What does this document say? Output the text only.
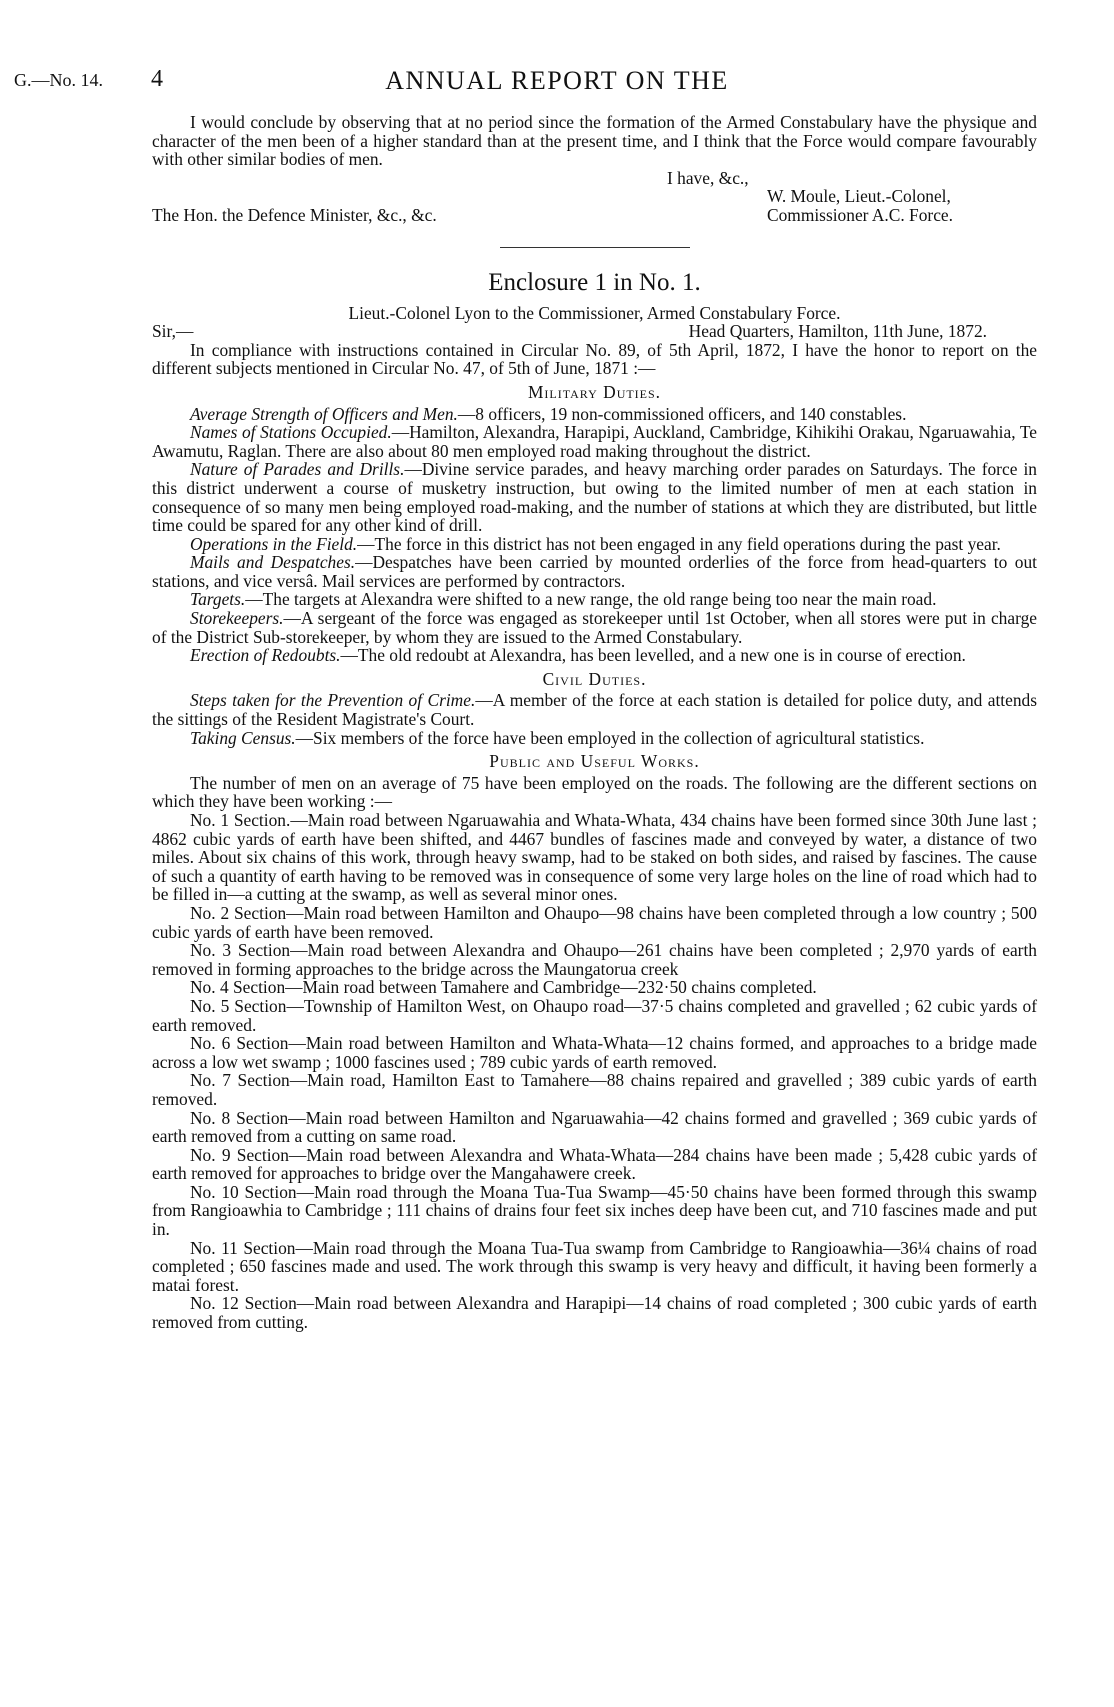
G.—No. 14. 4	ANNUAL REPORT ON THE

I would conclude by observing that at no period since the formation of the Armed Constabulary have the physique and character of the men been of a higher standard than at the present time, and I think that the Force would compare favourably with other similar bodies of men.

I have, &c.,
The Hon. the Defence Minister, &c., &c.
W. Moule, Lieut.-Colonel,
Commissioner A.C. Force.
Enclosure 1 in No. 1.
Lieut.-Colonel Lyon to the Commissioner, Armed Constabulary Force.
Sir,—	Head Quarters, Hamilton, 11th June, 1872.

In compliance with instructions contained in Circular No. 89, of 5th April, 1872, I have the honor to report on the different subjects mentioned in Circular No. 47, of 5th of June, 1871 :—

Military Duties.

Average Strength of Officers and Men.—8 officers, 19 non-commissioned officers, and 140 constables.

Names of Stations Occupied.—Hamilton, Alexandra, Harapipi, Auckland, Cambridge, Kihikihi Orakau, Ngaruawahia, Te Awamutu, Raglan. There are also about 80 men employed road making throughout the district.

Nature of Parades and Drills.—Divine service parades, and heavy marching order parades on Saturdays. The force in this district underwent a course of musketry instruction, but owing to the limited number of men at each station in consequence of so many men being employed road-making, and the number of stations at which they are distributed, but little time could be spared for any other kind of drill.

Operations in the Field.—The force in this district has not been engaged in any field operations during the past year.

Mails and Despatches.—Despatches have been carried by mounted orderlies of the force from head-quarters to out stations, and vice versâ. Mail services are performed by contractors.

Targets.—The targets at Alexandra were shifted to a new range, the old range being too near the main road.

Storekeepers.—A sergeant of the force was engaged as storekeeper until 1st October, when all stores were put in charge of the District Sub-storekeeper, by whom they are issued to the Armed Constabulary.

Erection of Redoubts.—The old redoubt at Alexandra, has been levelled, and a new one is in course of erection.

Civil Duties.

Steps taken for the Prevention of Crime.—A member of the force at each station is detailed for police duty, and attends the sittings of the Resident Magistrate's Court.

Taking Census.—Six members of the force have been employed in the collection of agricultural statistics.

Public and Useful Works.

The number of men on an average of 75 have been employed on the roads. The following are the different sections on which they have been working :—

No. 1 Section.—Main road between Ngaruawahia and Whata-Whata, 434 chains have been formed since 30th June last ; 4862 cubic yards of earth have been shifted, and 4467 bundles of fascines made and conveyed by water, a distance of two miles. About six chains of this work, through heavy swamp, had to be staked on both sides, and raised by fascines. The cause of such a quantity of earth having to be removed was in consequence of some very large holes on the line of road which had to be filled in—a cutting at the swamp, as well as several minor ones.

No. 2 Section—Main road between Hamilton and Ohaupo—98 chains have been completed through a low country ; 500 cubic yards of earth have been removed.

No. 3 Section—Main road between Alexandra and Ohaupo—261 chains have been completed ; 2,970 yards of earth removed in forming approaches to the bridge across the Maungatorua creek

No. 4 Section—Main road between Tamahere and Cambridge—232·50 chains completed.

No. 5 Section—Township of Hamilton West, on Ohaupo road—37·5 chains completed and gravelled ; 62 cubic yards of earth removed.

No. 6 Section—Main road between Hamilton and Whata-Whata—12 chains formed, and approaches to a bridge made across a low wet swamp ; 1000 fascines used ; 789 cubic yards of earth removed.

No. 7 Section—Main road, Hamilton East to Tamahere—88 chains repaired and gravelled ; 389 cubic yards of earth removed.

No. 8 Section—Main road between Hamilton and Ngaruawahia—42 chains formed and gravelled ; 369 cubic yards of earth removed from a cutting on same road.

No. 9 Section—Main road between Alexandra and Whata-Whata—284 chains have been made ; 5,428 cubic yards of earth removed for approaches to bridge over the Mangahawere creek.

No. 10 Section—Main road through the Moana Tua-Tua Swamp—45·50 chains have been formed through this swamp from Rangioawhia to Cambridge ; 111 chains of drains four feet six inches deep have been cut, and 710 fascines made and put in.

No. 11 Section—Main road through the Moana Tua-Tua swamp from Cambridge to Rangioawhia—36¼ chains of road completed ; 650 fascines made and used. The work through this swamp is very heavy and difficult, it having been formerly a matai forest.

No. 12 Section—Main road between Alexandra and Harapipi—14 chains of road completed ; 300 cubic yards of earth removed from cutting.
